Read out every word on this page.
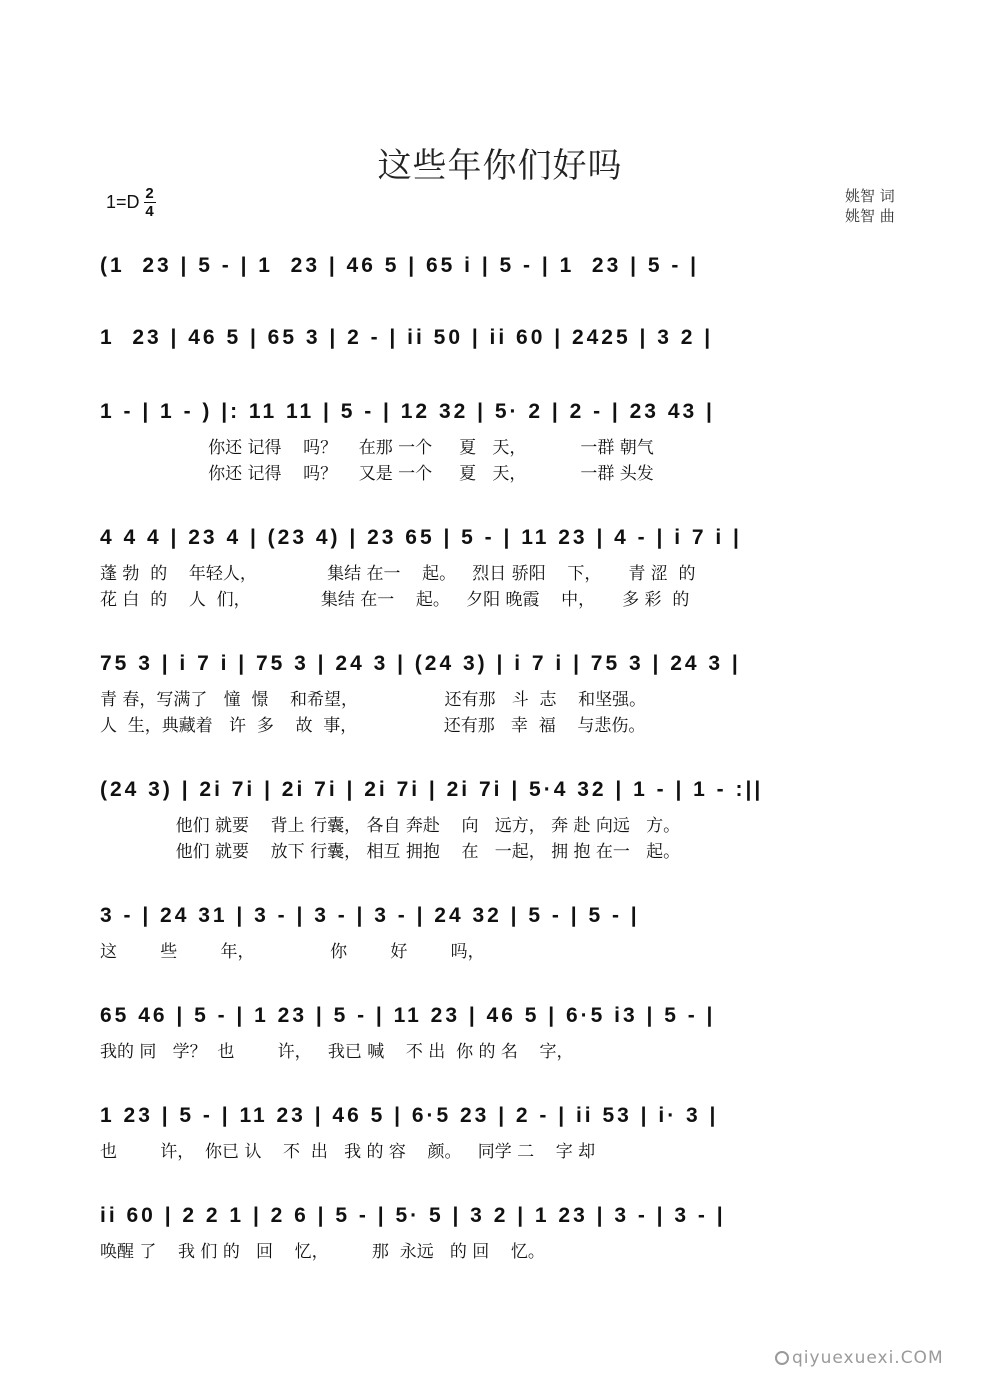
这些年你们好吗
$1=D \frac{2}{4}$	姚智 词
姚智 曲
(1  23 | 5 - | 1  23 | 46 5 | 65 i | 5 - | 1  23 | 5 - |
1  23 | 46 5 | 65 3 | 2 - | ii 50 | ii 60 | 2425 | 3 2 |
1 - | 1 - ) |: 11 11 | 5 - | 12 32 | 5· 2 | 2 - | 23 43 |
你还 记得    吗？    在那 一个     夏   天，          一群 朝气
你还 记得    吗？    又是 一个     夏   天，          一群 头发
4 4 4 | 23 4 | (23 4) | 23 65 | 5 - | 11 23 | 4 - | i 7 i |
蓬 勃  的    年轻人，             集结 在一    起。   烈日 骄阳    下，     青 涩  的
花 白  的    人  们，             集结 在一    起。   夕阳 晚霞    中，     多 彩  的
75 3 | i 7 i | 75 3 | 24 3 | (24 3) | i 7 i | 75 3 | 24 3 |
青 春，写满了   憧  憬    和希望，                还有那   斗  志    和坚强。
人  生，典藏着   许  多    故  事，                还有那   幸  福    与悲伤。
(24 3) | 2i 7i | 2i 7i | 2i 7i | 2i 7i | 5·4 32 | 1 - | 1 - :||
他们 就要    背上 行囊， 各自 奔赴    向   远方， 奔 赴 向远   方。
他们 就要    放下 行囊， 相互 拥抱    在   一起， 拥 抱 在一   起。
3 - | 24 31 | 3 - | 3 - | 3 - | 24 32 | 5 - | 5 - |
这        些        年，              你        好        吗，
65 46 | 5 - | 1 23 | 5 - | 11 23 | 46 5 | 6·5 i3 | 5 - |
我的 同   学？  也        许，   我已 喊    不 出  你 的 名    字，
1 23 | 5 - | 11 23 | 46 5 | 6·5 23 | 2 - | ii 53 | i· 3 |
也        许，  你已 认    不  出   我 的 容    颜。   同学 二    字 却
ii 60 | 2 2 1 | 2 6 | 5 - | 5· 5 | 3 2 | 1 23 | 3 - | 3 - |
唤醒 了    我 们 的   回    忆，        那  永远   的 回    忆。
qiyuexuexi.COM
